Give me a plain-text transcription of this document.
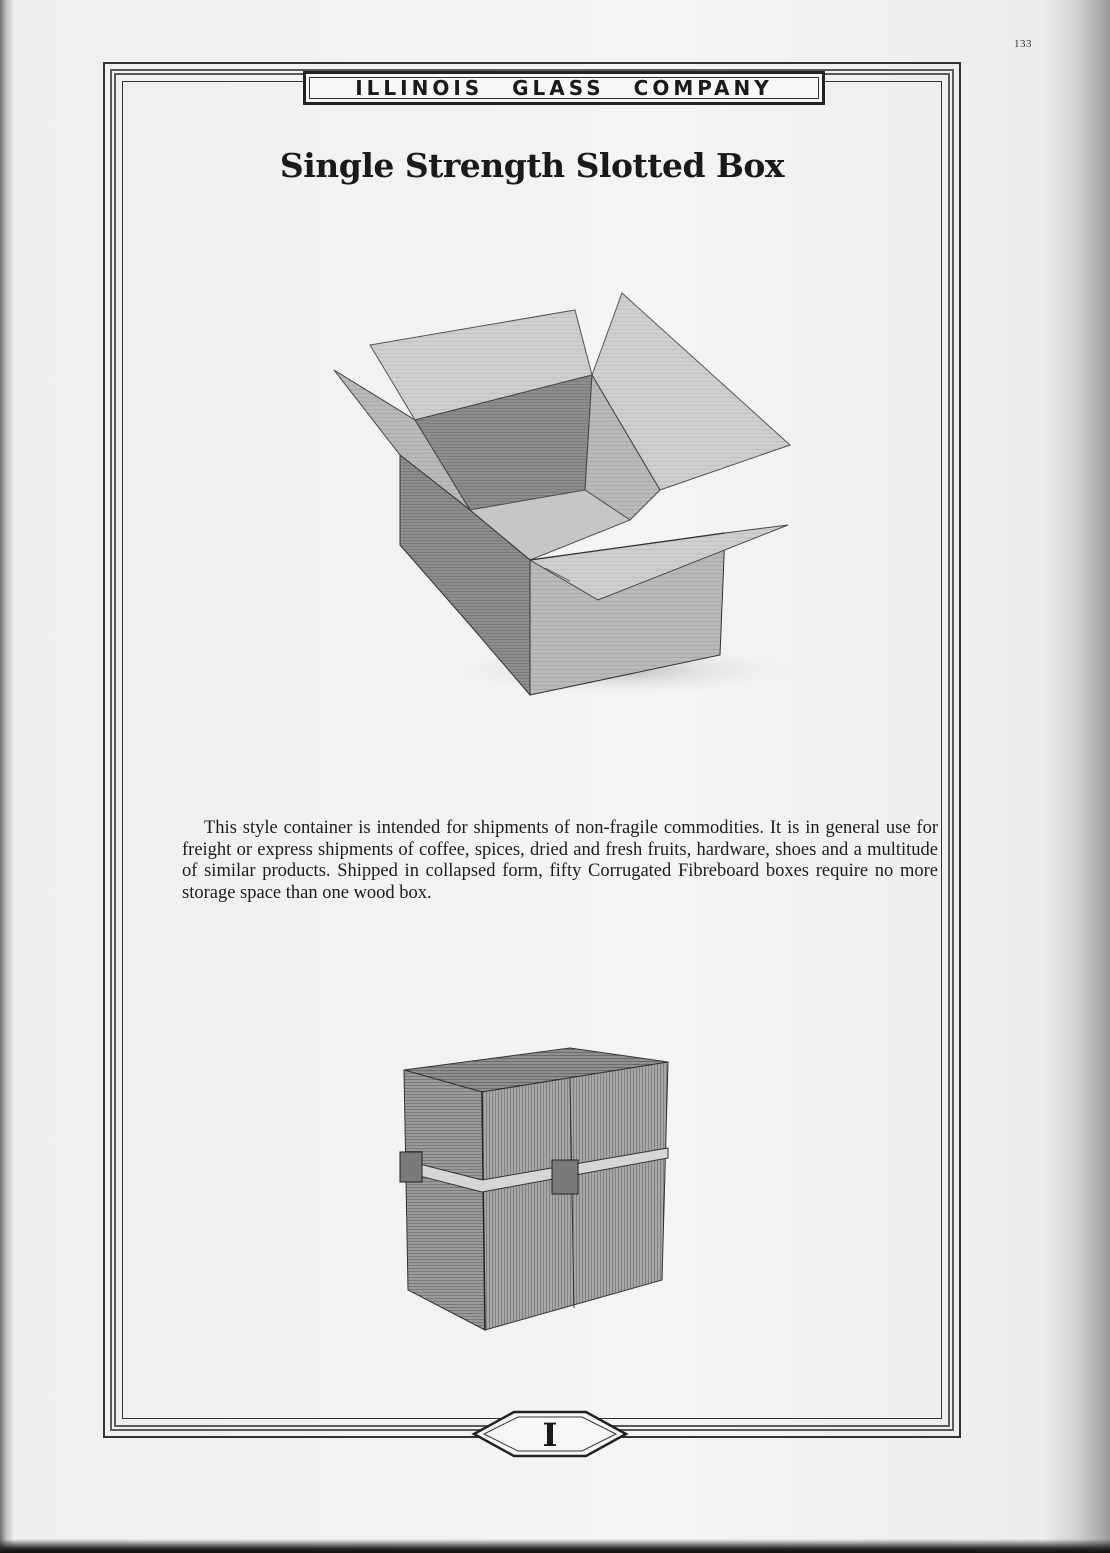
133
ILLINOIS GLASS COMPANY
Single Strength Slotted Box

This style container is intended for shipments of non-fragile commodities. It is in general use for freight or express shipments of coffee, spices, dried and fresh fruits, hardware, shoes and a multitude of similar products. Shipped in collapsed form, fifty Corrugated Fibreboard boxes require no more storage space than one wood box.

I
